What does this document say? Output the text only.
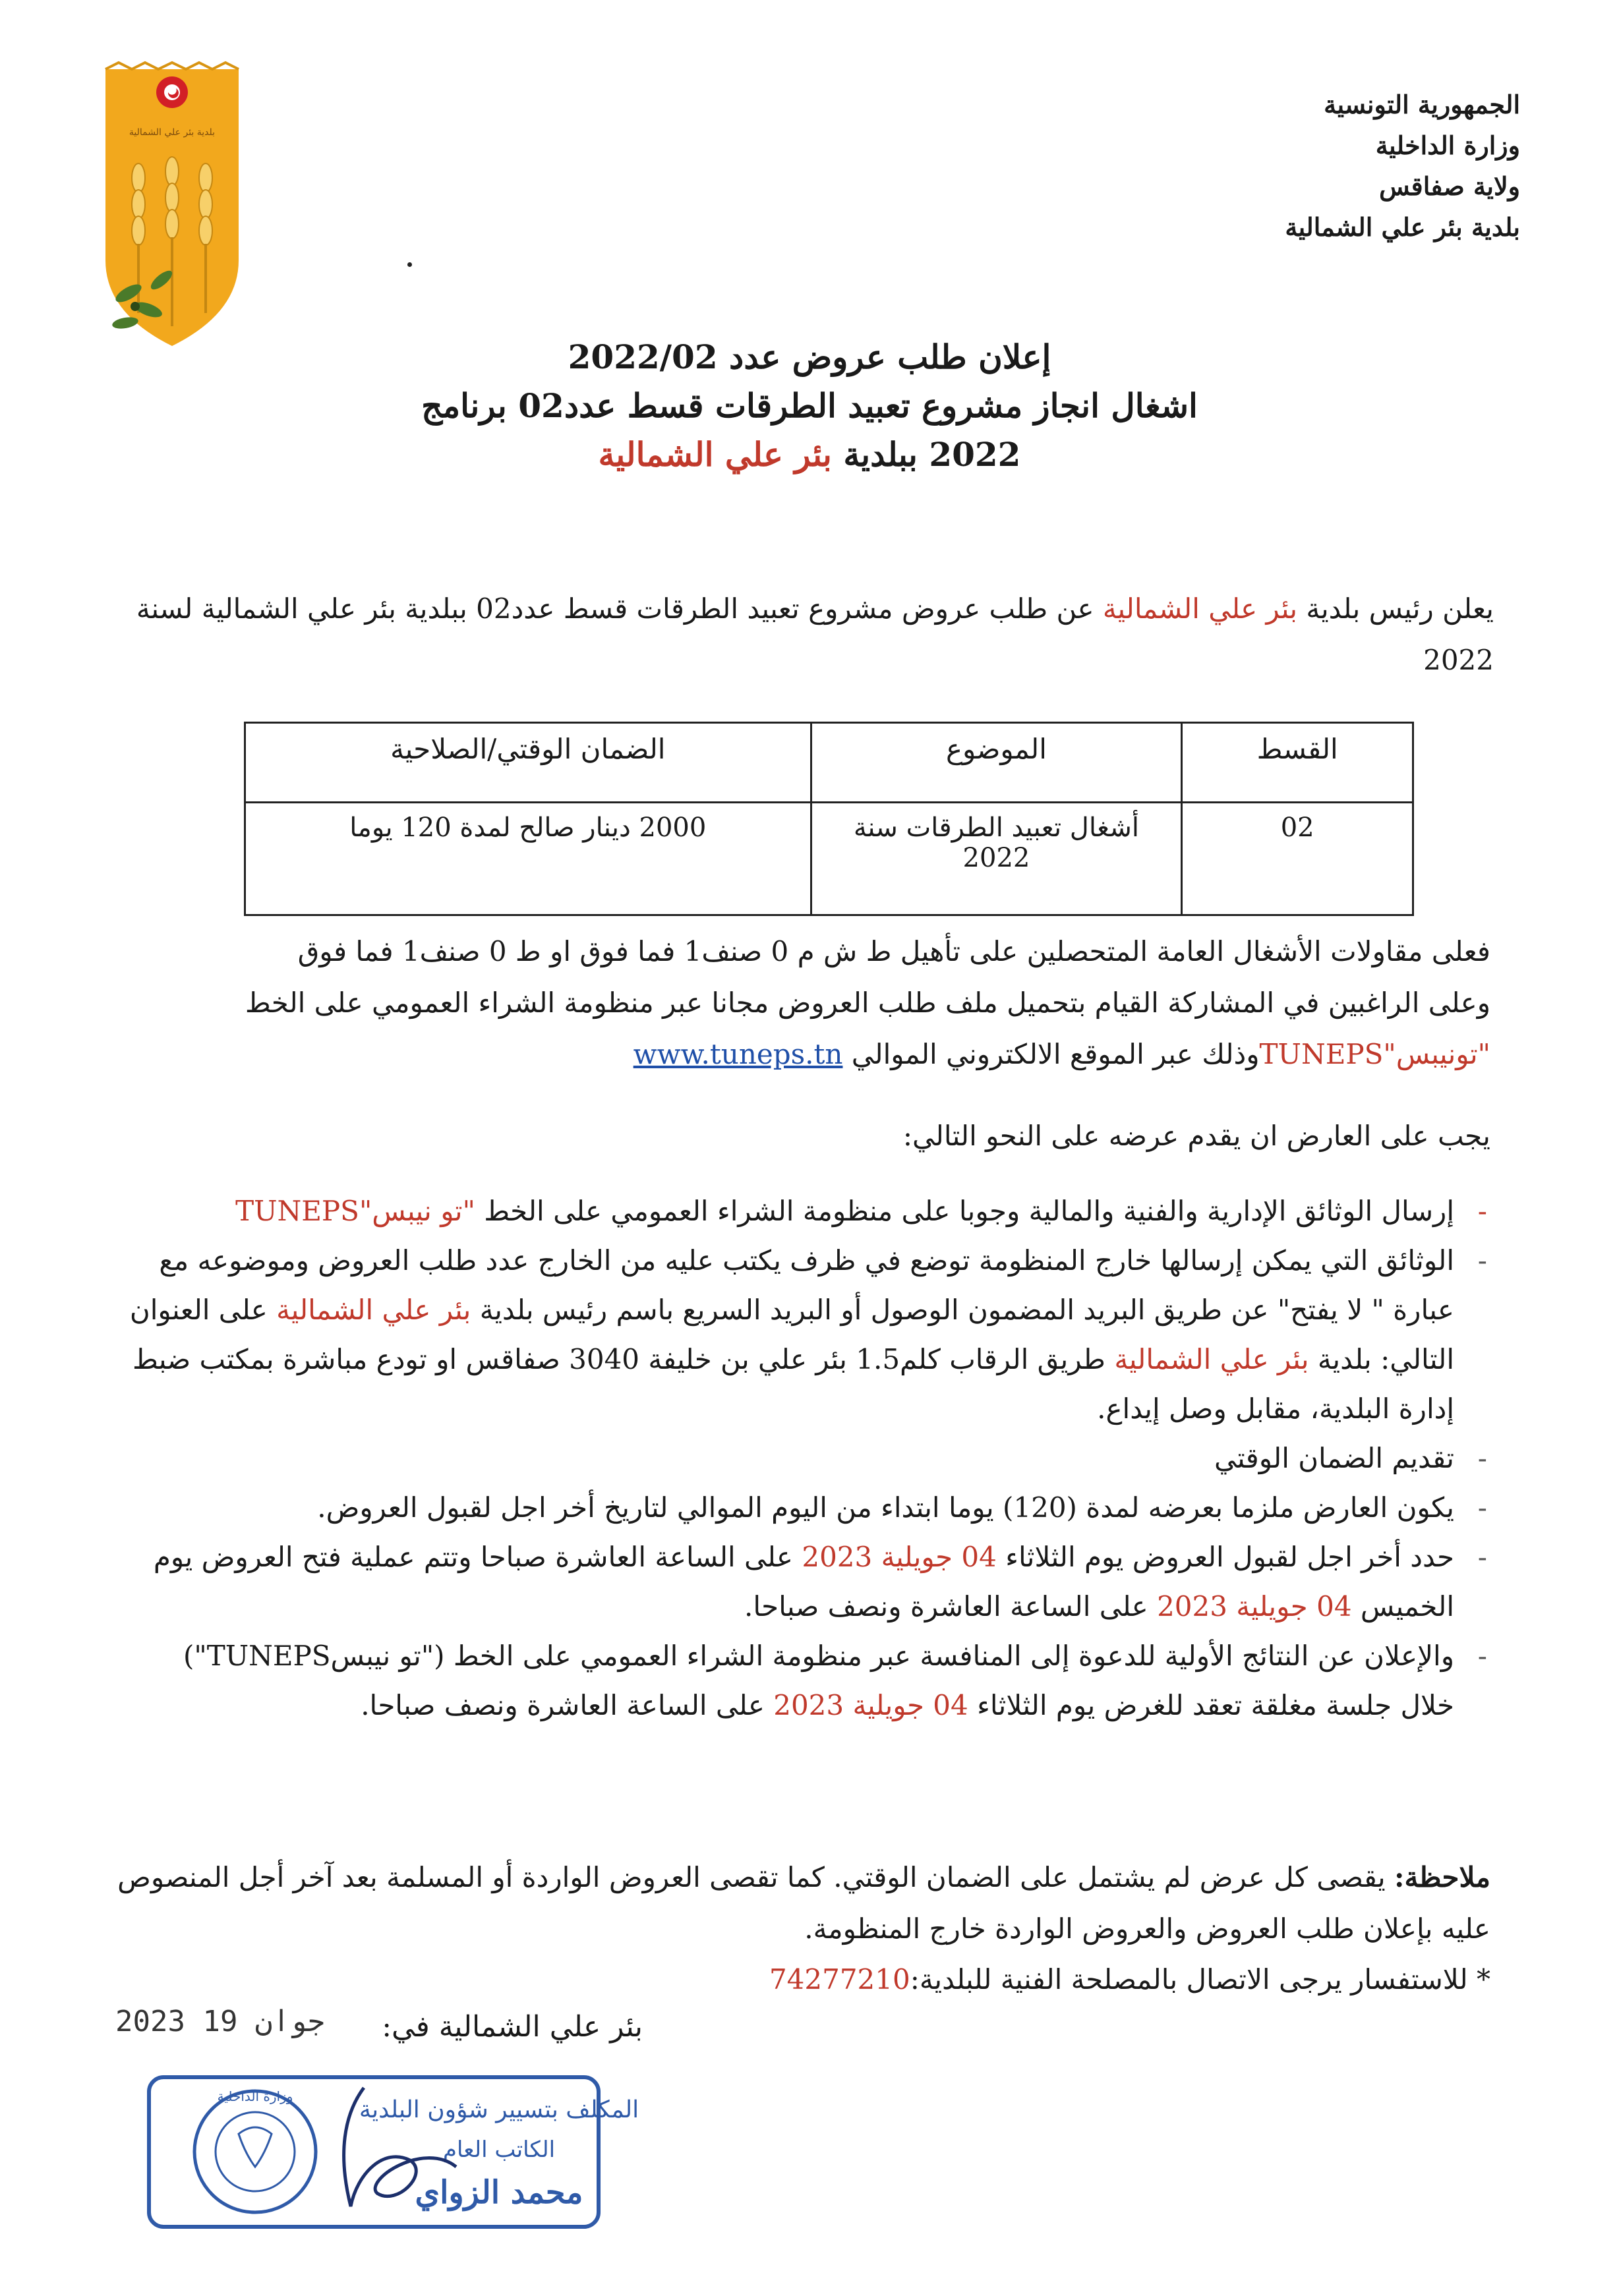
بلدية بئر علي الشمالية
الجمهورية التونسية
وزارة الداخلية
ولاية صفاقس
بلدية بئر علي الشمالية
إعلان طلب عروض عدد 2022/02
اشغال انجاز مشروع تعبيد الطرقات قسط عدد02 برنامج
2022 ببلدية بئر علي الشمالية
يعلن رئيس بلدية بئر علي الشمالية عن طلب عروض مشروع تعبيد الطرقات قسط عدد02 ببلدية بئر علي الشمالية لسنة 2022
القسط	الموضوع	الضمان الوقتي/الصلاحية
02	أشغال تعبيد الطرقات سنة 2022	2000 دينار صالح لمدة 120 يوما
فعلى مقاولات الأشغال العامة المتحصلين على تأهيل ط ش م 0 صنف1 فما فوق او ط 0 صنف1 فما فوق
وعلى الراغبين في المشاركة القيام بتحميل ملف طلب العروض مجانا عبر منظومة الشراء العمومي على الخط
"تونيبس"TUNEPSوذلك عبر الموقع الالكتروني الموالي www.tuneps.tn
يجب على العارض ان يقدم عرضه على النحو التالي:
-
إرسال الوثائق الإدارية والفنية والمالية وجوبا على منظومة الشراء العمومي على الخط "تو نيبس"TUNEPS
-
الوثائق التي يمكن إرسالها خارج المنظومة توضع في ظرف يكتب عليه من الخارج عدد طلب العروض وموضوعه مع عبارة " لا يفتح" عن طريق البريد المضمون الوصول أو البريد السريع باسم رئيس بلدية بئر علي الشمالية على العنوان التالي: بلدية بئر علي الشمالية طريق الرقاب كلم1.5 بئر علي بن خليفة 3040 صفاقس او تودع مباشرة بمكتب ضبط إدارة البلدية، مقابل وصل إيداع.
-
تقديم الضمان الوقتي
-
يكون العارض ملزما بعرضه لمدة (120) يوما ابتداء من اليوم الموالي لتاريخ أخر اجل لقبول العروض.
-
حدد أخر اجل لقبول العروض يوم الثلاثاء 04 جويلية 2023 على الساعة العاشرة صباحا وتتم عملية فتح العروض يوم الخميس 04 جويلية 2023 على الساعة العاشرة ونصف صباحا.
-
والإعلان عن النتائج الأولية للدعوة إلى المنافسة عبر منظومة الشراء العمومي على الخط ("تو نيبسTUNEPS") خلال جلسة مغلقة تعقد للغرض يوم الثلاثاء 04 جويلية 2023 على الساعة العاشرة ونصف صباحا.
ملاحظة: يقصى كل عرض لم يشتمل على الضمان الوقتي. كما تقصى العروض الواردة أو المسلمة بعد آخر أجل المنصوص عليه بإعلان طلب العروض والعروض الواردة خارج المنظومة.
* للاستفسار يرجى الاتصال بالمصلحة الفنية للبلدية:74277210
بئر علي الشمالية في:
2023 جوان 19
المكلف بتسيير شؤون البلدية
الكاتب العام
محمد الزواي
وزارة الداخلية
